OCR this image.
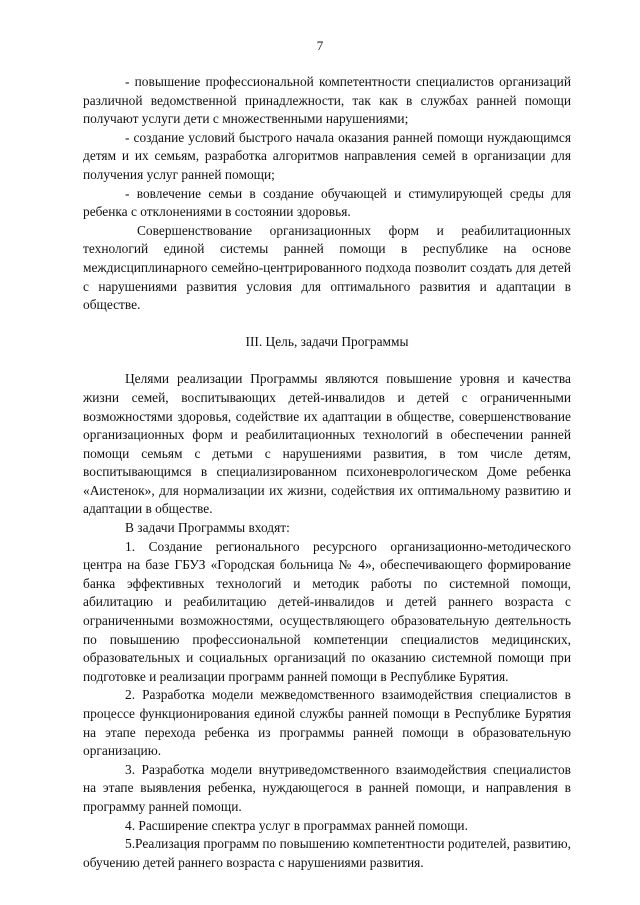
7

- повышение профессиональной компетентности специалистов организаций различной ведомственной принадлежности, так как в службах ранней помощи получают услуги дети с множественными нарушениями;

- создание условий быстрого начала оказания ранней помощи нуждающимся детям и их семьям, разработка алгоритмов направления семей в организации для получения услуг ранней помощи;

- вовлечение семьи в создание обучающей и стимулирующей среды для ребенка с отклонениями в состоянии здоровья.

Совершенствование организационных форм и реабилитационных технологий единой системы ранней помощи в республике на основе междисциплинарного семейно-центрированного подхода позволит создать для детей с нарушениями развития условия для оптимального развития и адаптации в обществе.

III. Цель, задачи Программы

Целями реализации Программы являются повышение уровня и качества жизни семей, воспитывающих детей-инвалидов и детей с ограниченными возможностями здоровья, содействие их адаптации в обществе, совершенствование организационных форм и реабилитационных технологий в обеспечении ранней помощи семьям с детьми с нарушениями развития, в том числе детям, воспитывающимся в специализированном психоневрологическом Доме ребенка «Аистенок», для нормализации их жизни, содействия их оптимальному развитию и адаптации в обществе.

В задачи Программы входят:

1. Создание регионального ресурсного организационно-методического центра на базе ГБУЗ «Городская больница № 4», обеспечивающего формирование банка эффективных технологий и методик работы по системной помощи, абилитацию и реабилитацию детей-инвалидов и детей раннего возраста с ограниченными возможностями, осуществляющего образовательную деятельность по повышению профессиональной компетенции специалистов медицинских, образовательных и социальных организаций по оказанию системной помощи при подготовке и реализации программ ранней помощи в Республике Бурятия.

2. Разработка модели межведомственного взаимодействия специалистов в процессе функционирования единой службы ранней помощи в Республике Бурятия на этапе перехода ребенка из программы ранней помощи в образовательную организацию.

3. Разработка модели внутриведомственного взаимодействия специалистов на этапе выявления ребенка, нуждающегося в ранней помощи, и направления в программу ранней помощи.

4. Расширение спектра услуг в программах ранней помощи.

5.Реализация программ по повышению компетентности родителей, развитию, обучению детей раннего возраста с нарушениями развития.
